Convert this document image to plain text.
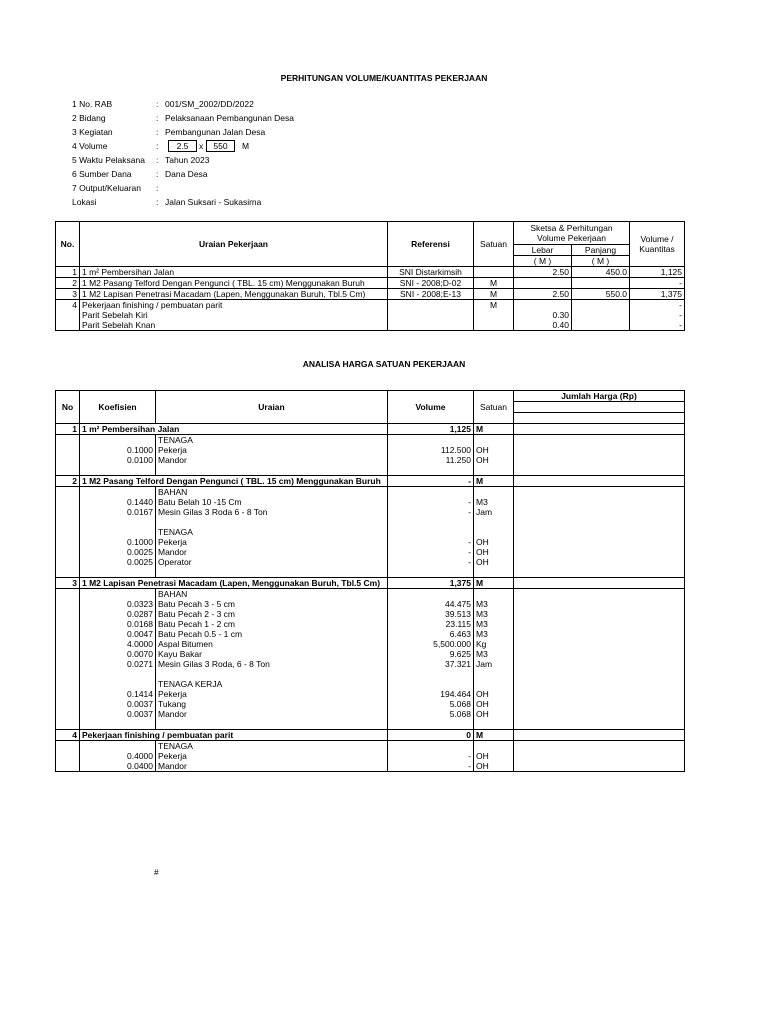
PERHITUNGAN VOLUME/KUANTITAS PEKERJAAN
1 No. RAB	: 001/SM_2002/DD/2022
2 Bidang	: Pelaksanaan Pembangunan Desa
3 Kegiatan	: Pembangunan Jalan Desa
4 Volume	:	2.5	x	550	M
5 Waktu Pelaksana : Tahun 2023
6 Sumber Dana	: Dana Desa
7 Output/Keluaran :
Lokasi	: Jalan Suksari - Sukasirna
No.	Uraian Pekerjaan	Referensi	Satuan	Sketsa & Perhitungan Volume Pekerjaan		Volume /
Kuantitas
				Lebar	Panjang	
				( M )	( M )	
1	1 m² Pembersihan Jalan	SNI Distarkimsih		2.50	450.0	1,125
2	1 M2 Pasang Telford Dengan Pengunci ( TBL. 15 cm) Menggunakan Buruh	SNI - 2008;D-02	M			-
3	1 M2 Lapisan Penetrasi Macadam (Lapen, Menggunakan Buruh, Tbl.5 Cm)	SNI - 2008;E-13	M	2.50	550.0	1,375
4	Pekerjaan finishing / pembuatan parit		M			-
	Parit Sebelah Kiri			0.30		-
	Parit Sebelah Knan			0.40		-
ANALISA HARGA SATUAN PEKERJAAN
No	Koefisien	Uraian	Volume	Satuan	Jumlah Harga (Rp)

1	1 m² Pembersihan Jalan		1,125	M	
		TENAGA			
	0.1000	Pekerja	112.500	OH	
	0.0100	Mandor	11.250	OH	

2	1 M2 Pasang Telford Dengan Pengunci ( TBL. 15 cm) Menggunakan Buruh		-	M	
		BAHAN			
	0.1440	Batu Belah 10 -15 Cm	-	M3	
	0.0167	Mesin Gilas 3 Roda 6 - 8 Ton	-	Jam	

		TENAGA			
	0.1000	Pekerja	-	OH	
	0.0025	Mandor	-	OH	
	0.0025	Operator	-	OH	

3	1 M2 Lapisan Penetrasi Macadam (Lapen, Menggunakan Buruh, Tbl.5 Cm)		1,375	M	
		BAHAN			
	0.0323	Batu Pecah 3 - 5 cm	44.475	M3	
	0.0287	Batu Pecah 2 - 3 cm	39.513	M3	
	0.0168	Batu Pecah 1 - 2 cm	23.115	M3	
	0.0047	Batu Pecah 0.5 - 1 cm	6.463	M3	
	4.0000	Aspal Bitumen	5,500.000	Kg	
	0.0070	Kayu Bakar	9.625	M3	
	0.0271	Mesin Gilas 3 Roda, 6 - 8 Ton	37.321	Jam	

		TENAGA KERJA			
	0.1414	Pekerja	194.464	OH	
	0.0037	Tukang	5.068	OH	
	0.0037	Mandor	5.068	OH	

4	Pekerjaan finishing / pembuatan parit		0	M	
		TENAGA			
	0.4000	Pekerja	-	OH	
	0.0400	Mandor	-	OH	
#
